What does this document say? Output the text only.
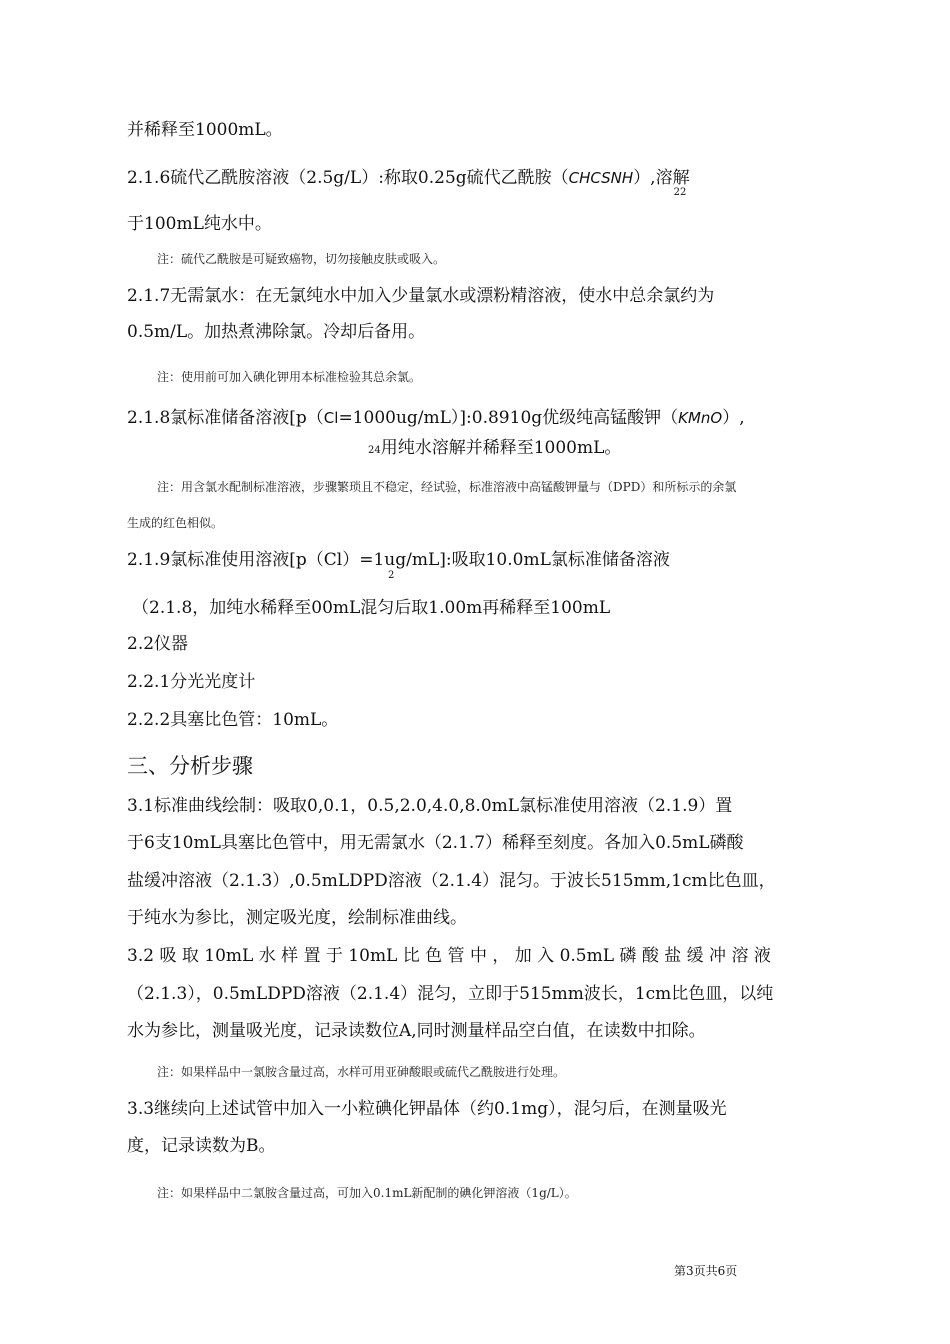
并稀释至1000mL。
2.1.6硫代乙酰胺溶液（2.5g/L）:称取0.25g硫代乙酰胺（CHCSNH）,溶解$_{22}$
于100mL纯水中。
注：硫代乙酰胺是可疑致癌物，切勿接触皮肤或吸入。
2.1.7无需氯水：在无氯纯水中加入少量氯水或漂粉精溶液，使水中总余氯约为
0.5m/L。加热煮沸除氯。冷却后备用。
注：使用前可加入碘化钾用本标准检验其总余氯。
2.1.8氯标准储备溶液[p（Cl=1000ug/mL）]:0.8910g优级纯高锰酸钾（KMnO）,
24用纯水溶解并稀释至1000mL。
注：用含氯水配制标准溶液，步骤繁琐且不稳定，经试验，标准溶液中高锰酸钾量与（DPD）和所标示的余氯
生成的红色相似。
2.1.9氯标准使用溶液[p（Cl）=1ug/mL]:吸取10.0mL氯标准储备溶液
2
（2.1.8，加纯水稀释至00mL混匀后取1.00m再稀释至100mL
2.2仪器
2.2.1分光光度计
2.2.2具塞比色管：10mL。
三、分析步骤
3.1标准曲线绘制：吸取0,0.1，0.5,2.0,4.0,8.0mL氯标准使用溶液（2.1.9）置
于6支10mL具塞比色管中，用无需氯水（2.1.7）稀释至刻度。各加入0.5mL磷酸
盐缓冲溶液（2.1.3）,0.5mLDPD溶液（2.1.4）混匀。于波长515mm,1cm比色皿，
于纯水为参比，测定吸光度，绘制标准曲线。
3.2 吸 取 10mL 水 样 置 于 10mL 比 色 管 中 ， 加 入 0.5mL 磷 酸 盐 缓 冲 溶 液
（2.1.3），0.5mLDPD溶液（2.1.4）混匀，立即于515mm波长，1cm比色皿，以纯
水为参比，测量吸光度，记录读数位A,同时测量样品空白值，在读数中扣除。
注：如果样品中一氯胺含量过高，水样可用亚砷酸眼或硫代乙酰胺进行处理。
3.3继续向上述试管中加入一小粒碘化钾晶体（约0.1mg），混匀后，在测量吸光
度，记录读数为B。
注：如果样品中二氯胺含量过高，可加入0.1mL新配制的碘化钾溶液（1g/L）。
第3页共6页
